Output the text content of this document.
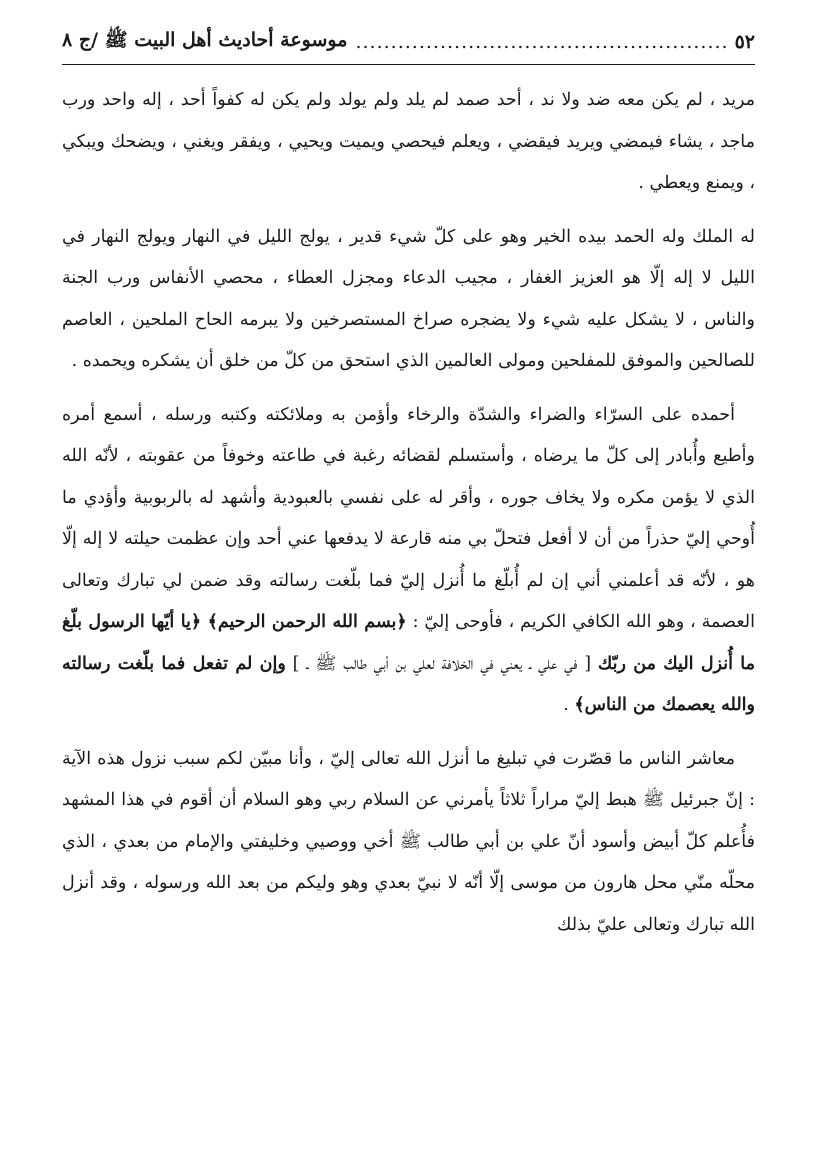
٥٢
.....
موسوعة أحاديث أهل البيت ﷺ /ج ٨

مريد ، لم يكن معه ضد ولا ند ، أحد صمد لم يلد ولم يولد ولم يكن له كفواً أحد ، إله واحد ورب ماجد ، يشاء فيمضي ويريد فيقضي ، ويعلم فيحصي ويميت ويحيي ، ويفقر ويغني ، ويضحك ويبكي ، ويمنع ويعطي .

له الملك وله الحمد بيده الخير وهو على كلّ شيء قدير ، يولج الليل في النهار ويولج النهار في الليل لا إله إلّا هو العزيز الغفار ، مجيب الدعاء ومجزل العطاء ، محصي الأنفاس ورب الجنة والناس ، لا يشكل عليه شيء ولا يضجره صراخ المستصرخين ولا يبرمه الحاح الملحين ، العاصم للصالحين والموفق للمفلحين ومولى العالمين الذي استحق من كلّ من خلق أن يشكره ويحمده .

أحمده على السرّاء والضراء والشدّة والرخاء وأؤمن به وملائكته وكتبه ورسله ، أسمع أمره وأطيع وأُبادر إلى كلّ ما يرضاه ، وأستسلم لقضائه رغبة في طاعته وخوفاً من عقوبته ، لأنّه الله الذي لا يؤمن مكره ولا يخاف جوره ، وأقر له على نفسي بالعبودية وأشهد له بالربوبية وأؤدي ما أُوحي إليّ حذراً من أن لا أفعل فتحلّ بي منه قارعة لا يدفعها عني أحد وإن عظمت حيلته لا إله إلّا هو ، لأنّه قد أعلمني أني إن لم أُبلّغ ما أُنزل إليّ فما بلّغت رسالته وقد ضمن لي تبارك وتعالى العصمة ، وهو الله الكافي الكريم ، فأوحى إليّ : ﴿بسم الله الرحمن الرحيم﴾ ﴿يا أيّها الرسول بلّغ ما أُنزل اليك من ربّك [ في علي ـ يعني في الخلافة لعلي بن أبي طالب ﷺ ـ ] وإن لم تفعل فما بلّغت رسالته والله يعصمك من الناس﴾ .

معاشر الناس ما قصّرت في تبليغ ما أنزل الله تعالى إليّ ، وأنا مبيّن لكم سبب نزول هذه الآية : إنّ جبرئيل ﷺ هبط إليّ مراراً ثلاثاً يأمرني عن السلام ربي وهو السلام أن أقوم في هذا المشهد فأُعلم كلّ أبيض وأسود أنّ علي بن أبي طالب ﷺ أخي ووصيي وخليفتي والإمام من بعدي ، الذي محلّه منّي محل هارون من موسى إلّا أنّه لا نبيّ بعدي وهو وليكم من بعد الله ورسوله ، وقد أنزل الله تبارك وتعالى عليّ بذلك
